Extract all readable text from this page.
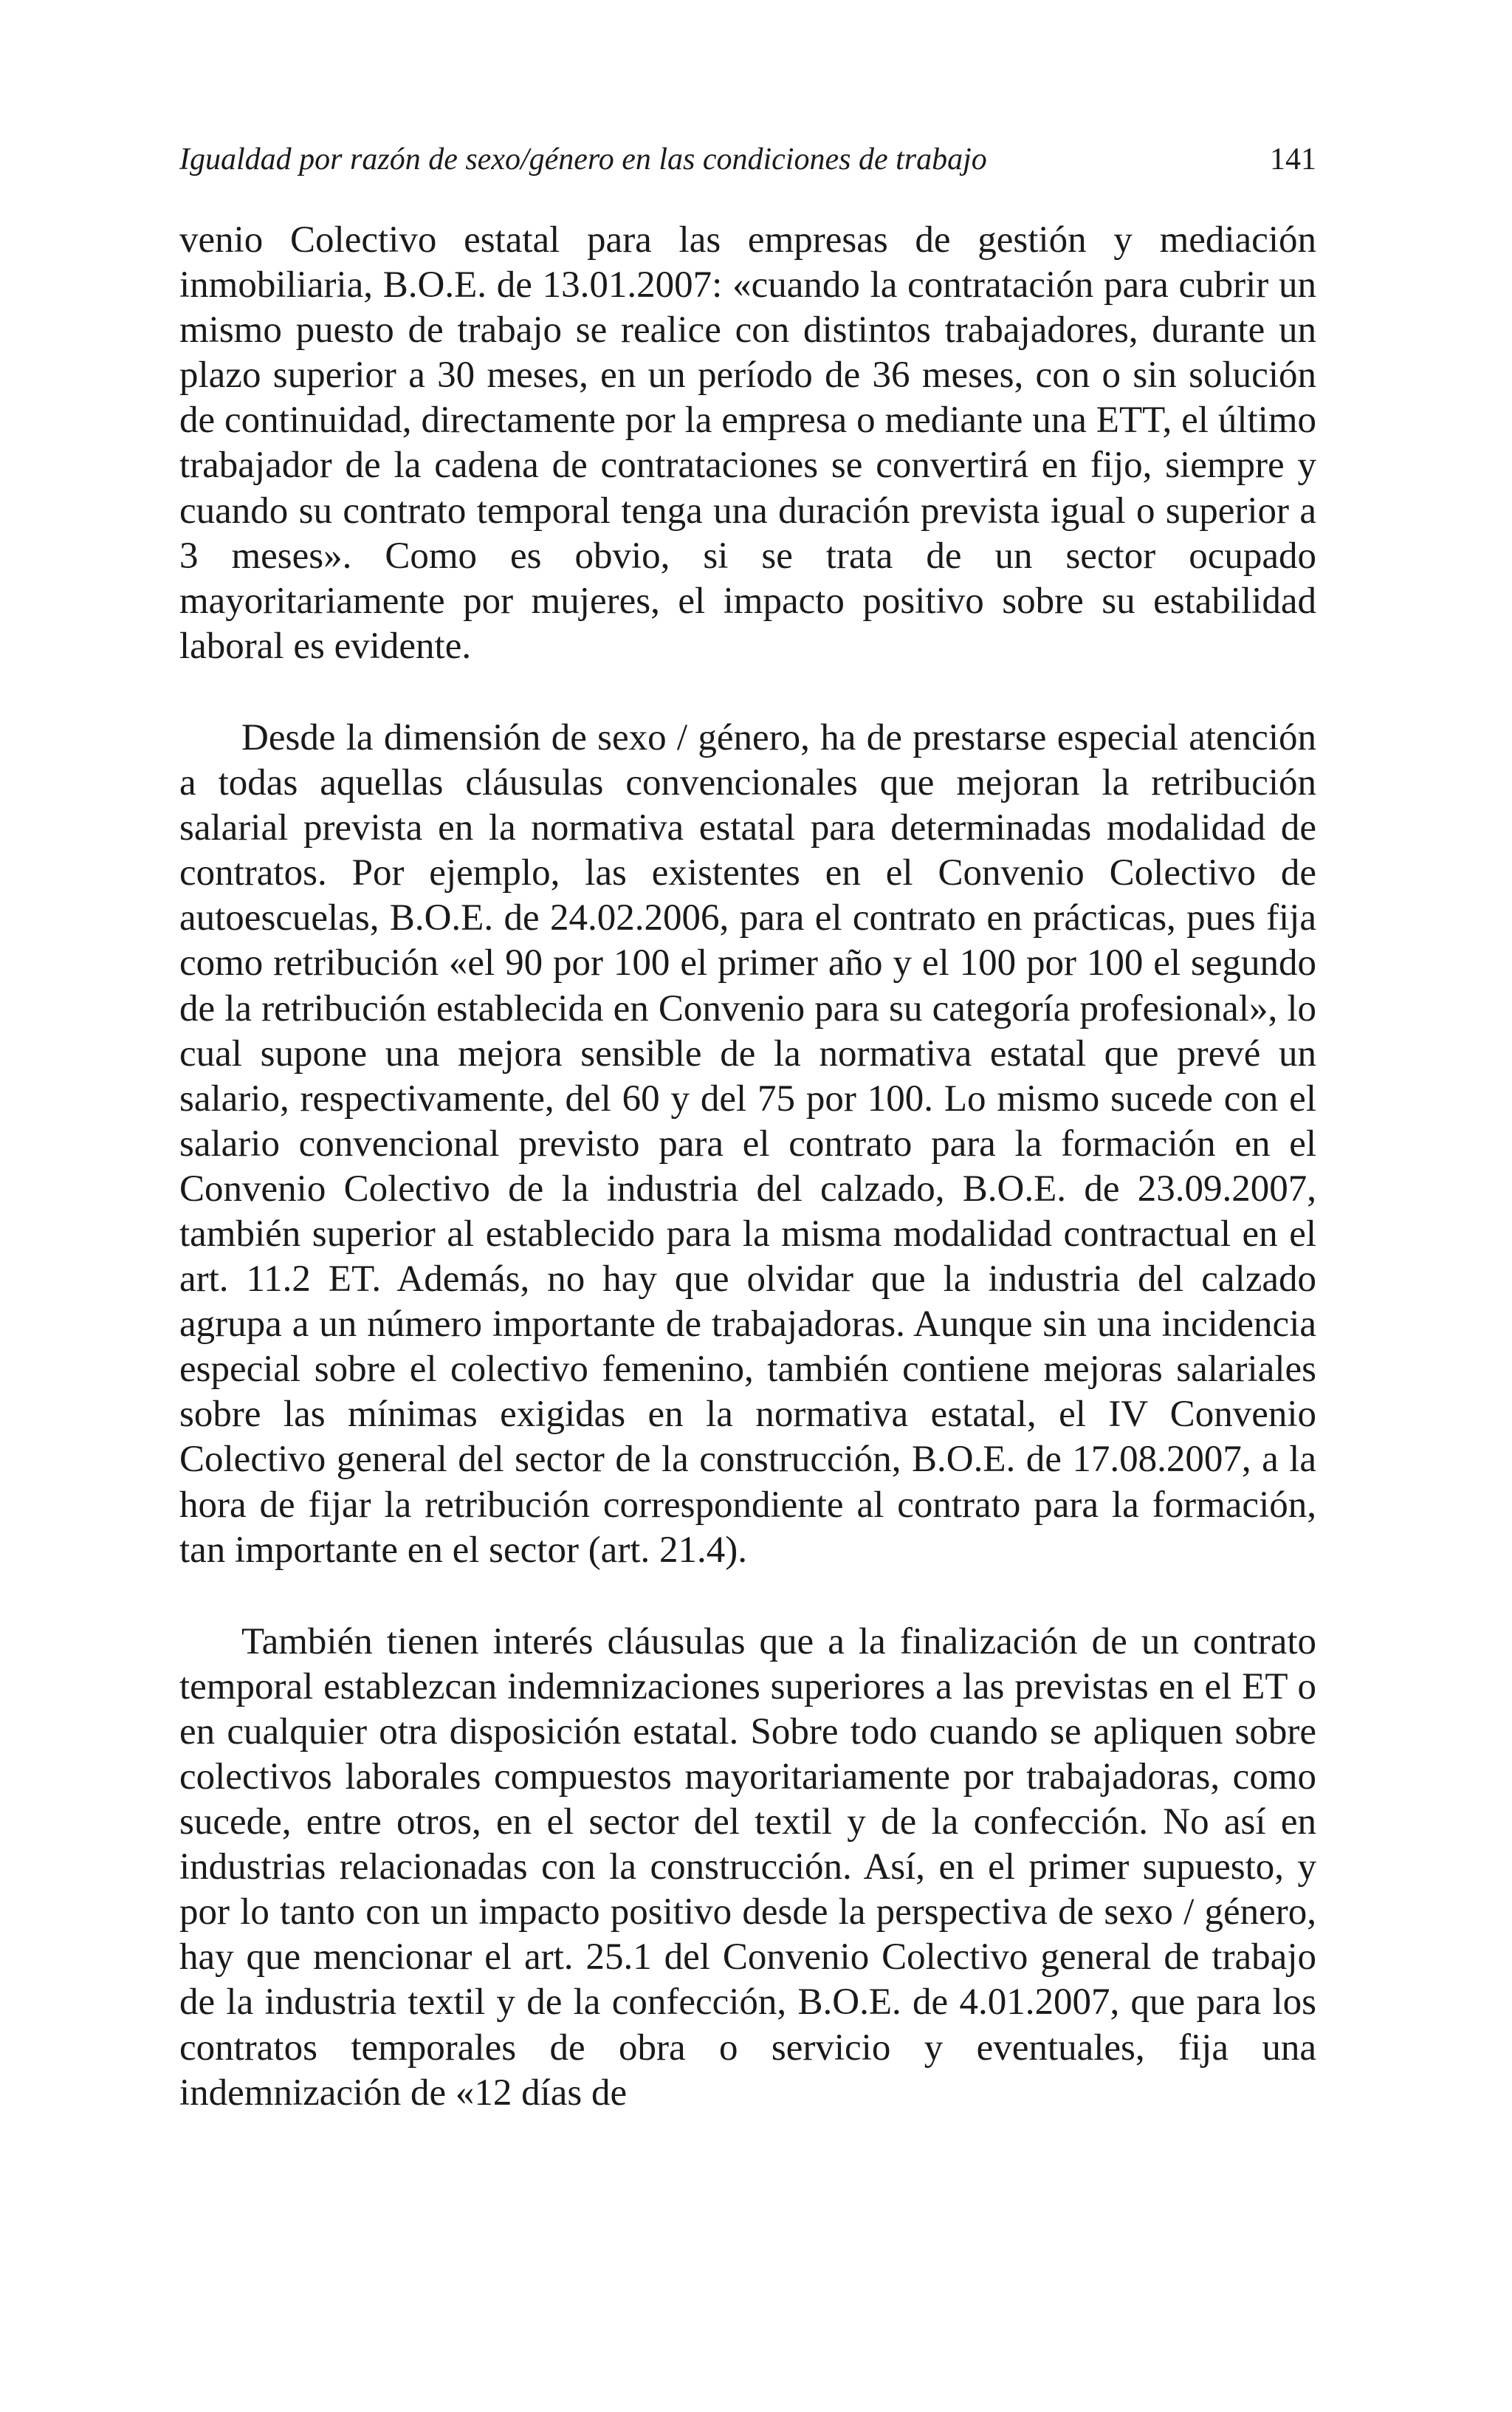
Igualdad por razón de sexo/género en las condiciones de trabajo	141

venio Colectivo estatal para las empresas de gestión y mediación inmobiliaria, B.O.E. de 13.01.2007: «cuando la contratación para cubrir un mismo puesto de trabajo se realice con distintos trabajadores, durante un plazo superior a 30 meses, en un período de 36 meses, con o sin solución de continuidad, directamente por la empresa o mediante una ETT, el último trabajador de la cadena de contrataciones se convertirá en fijo, siempre y cuando su contrato temporal tenga una duración prevista igual o superior a 3 meses». Como es obvio, si se trata de un sector ocupado mayoritariamente por mujeres, el impacto positivo sobre su estabilidad laboral es evidente.

Desde la dimensión de sexo / género, ha de prestarse especial atención a todas aquellas cláusulas convencionales que mejoran la retribución salarial prevista en la normativa estatal para determinadas modalidad de contratos. Por ejemplo, las existentes en el Convenio Colectivo de autoescuelas, B.O.E. de 24.02.2006, para el contrato en prácticas, pues fija como retribución «el 90 por 100 el primer año y el 100 por 100 el segundo de la retribución establecida en Convenio para su categoría profesional», lo cual supone una mejora sensible de la normativa estatal que prevé un salario, respectivamente, del 60 y del 75 por 100. Lo mismo sucede con el salario convencional previsto para el contrato para la formación en el Convenio Colectivo de la industria del calzado, B.O.E. de 23.09.2007, también superior al establecido para la misma modalidad contractual en el art. 11.2 ET. Además, no hay que olvidar que la industria del calzado agrupa a un número importante de trabajadoras. Aunque sin una incidencia especial sobre el colectivo femenino, también contiene mejoras salariales sobre las mínimas exigidas en la normativa estatal, el IV Convenio Colectivo general del sector de la construcción, B.O.E. de 17.08.2007, a la hora de fijar la retribución correspondiente al contrato para la formación, tan importante en el sector (art. 21.4).

También tienen interés cláusulas que a la finalización de un contrato temporal establezcan indemnizaciones superiores a las previstas en el ET o en cualquier otra disposición estatal. Sobre todo cuando se apliquen sobre colectivos laborales compuestos mayoritariamente por trabajadoras, como sucede, entre otros, en el sector del textil y de la confección. No así en industrias relacionadas con la construcción. Así, en el primer supuesto, y por lo tanto con un impacto positivo desde la perspectiva de sexo / género, hay que mencionar el art. 25.1 del Convenio Colectivo general de trabajo de la industria textil y de la confección, B.O.E. de 4.01.2007, que para los contratos temporales de obra o servicio y eventuales, fija una indemnización de «12 días de
